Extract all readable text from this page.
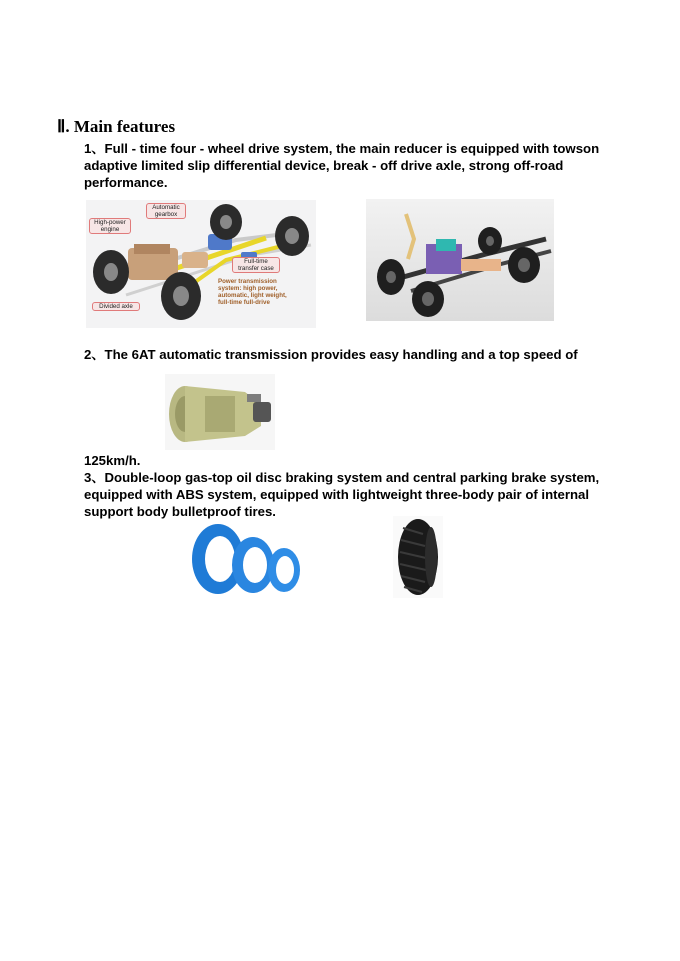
Ⅱ. Main features
1、Full - time four - wheel drive system, the main reducer is equipped with towson
adaptive limited slip differential device, break - off drive axle, strong off-road
performance.
Automatic
gearbox
High-power
engine
Full-time
transfer case
Divided axle
Power transmission
system: high power,
automatic, light weight,
full-time full-drive
2、The 6AT automatic transmission provides easy handling and a top speed of
125km/h.
3、Double-loop gas-top oil disc braking system and central parking brake system,
equipped with ABS system, equipped with lightweight three-body pair of internal
support body bulletproof tires.
